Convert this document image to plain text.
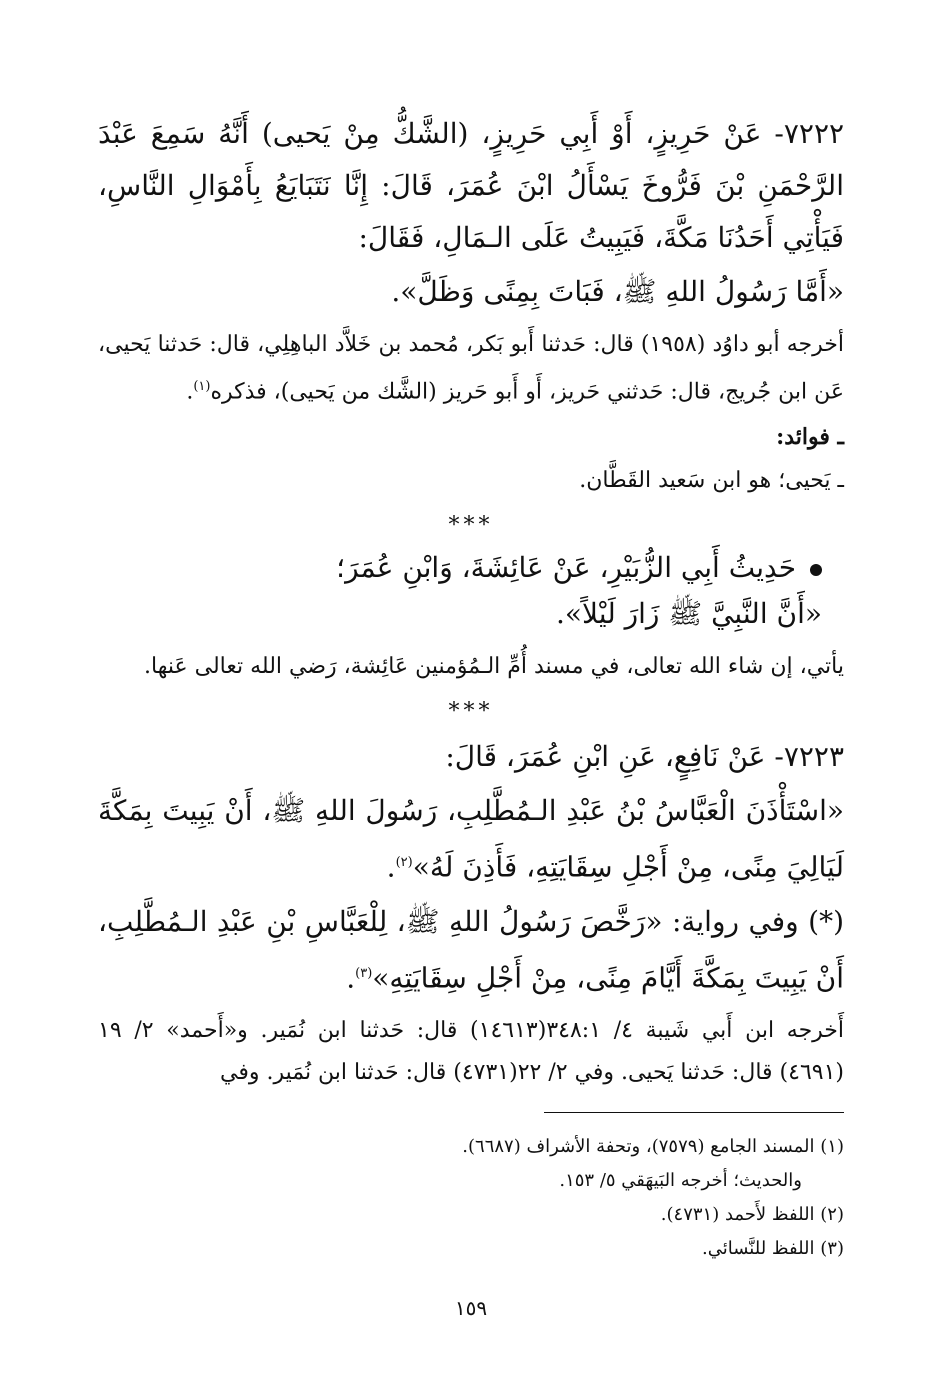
٧٢٢٢- عَنْ حَرِيزٍ، أَوْ أَبِي حَرِيزٍ، (الشَّكُّ مِنْ يَحيى) أَنَّهُ سَمِعَ عَبْدَ الرَّحْمَنِ بْنَ فَرُّوخَ يَسْأَلُ ابْنَ عُمَرَ، قَالَ: إِنَّا نَتَبَايَعُ بِأَمْوَالِ النَّاسِ، فَيَأْتِي أَحَدُنَا مَكَّةَ، فَيَبِيتُ عَلَى الـمَالِ، فَقَالَ:

«أَمَّا رَسُولُ اللهِ ﷺ، فَبَاتَ بِمِنًى وَظَلَّ».

أخرجه أبو داوُد (١٩٥٨) قال: حَدثنا أَبو بَكر، مُحمد بن خَلاَّد الباهِلِي، قال: حَدثنا يَحيى، عَن ابن جُريج، قال: حَدثني حَريز، أَو أَبو حَريز (الشَّك من يَحيى)، فذكره$^{(١)}$.

ـ فوائد:

ـ يَحيى؛ هو ابن سَعيد القَطَّان.

***

حَدِيثُ أَبِي الزُّبَيْرِ، عَنْ عَائِشَةَ، وَابْنِ عُمَرَ؛

«أَنَّ النَّبِيَّ ﷺ زَارَ لَيْلاً».

يأتي، إن شاء الله تعالى، في مسند أُمِّ الـمُؤمنين عَائِشة، رَضي الله تعالى عَنها.

***

٧٢٢٣- عَنْ نَافِعٍ، عَنِ ابْنِ عُمَرَ، قَالَ:

«اسْتَأْذَنَ الْعَبَّاسُ بْنُ عَبْدِ الـمُطَّلِبِ، رَسُولَ اللهِ ﷺ، أَنْ يَبِيتَ بِمَكَّةَ لَيَالِيَ مِنًى، مِنْ أَجْلِ سِقَايَتِهِ، فَأَذِنَ لَهُ»$^{(٢)}$.

(*) وفي رواية: «رَخَّصَ رَسُولُ اللهِ ﷺ، لِلْعَبَّاسِ بْنِ عَبْدِ الـمُطَّلِبِ، أَنْ يَبِيتَ بِمَكَّةَ أَيَّامَ مِنًى، مِنْ أَجْلِ سِقَايَتِهِ»$^{(٣)}$.

أَخرجه ابن أَبي شَيبة ٤/ ٣٤٨:١(١٤٦١٣) قال: حَدثنا ابن نُمَير. و«أَحمد» ٢/ ١٩ (٤٦٩١) قال: حَدثنا يَحيى. وفي ٢/ ٢٢(٤٧٣١) قال: حَدثنا ابن نُمَير. وفي

(١) المسند الجامع (٧٥٧٩)، وتحفة الأشراف (٦٦٨٧).

والحديث؛ أخرجه البَيهَقي ٥/ ١٥٣.

(٢) اللفظ لأَحمد (٤٧٣١).

(٣) اللفظ للنَّسائي.

١٥٩
